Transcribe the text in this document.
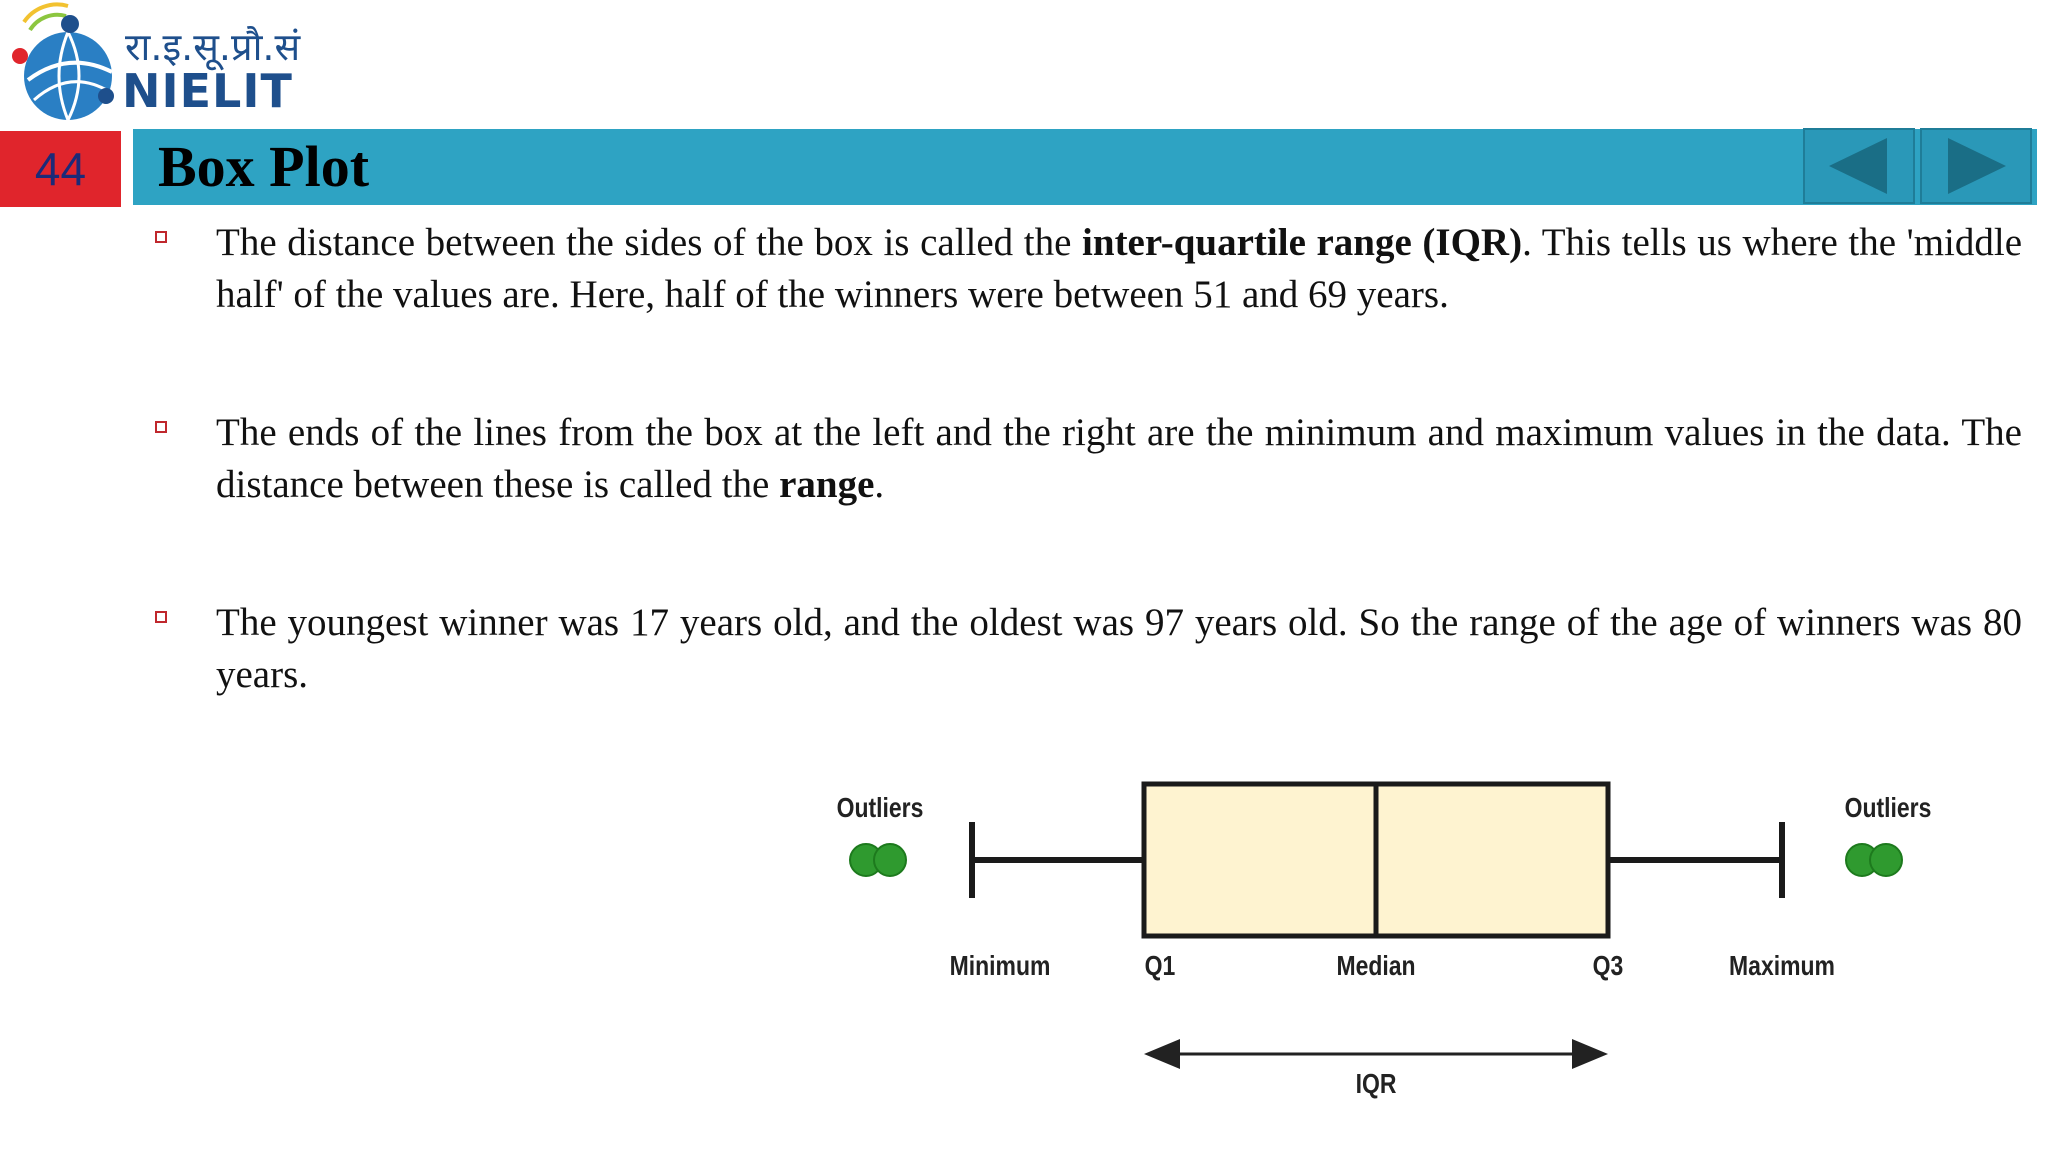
रा.इ.सू.प्रौ.सं
NIELIT
44	Box Plot
The distance between the sides of the box is called the inter-quartile range (IQR). This tells us where the 'middle half' of the values are. Here, half of the winners were between 51 and 69 years.
The ends of the lines from the box at the left and the right are the minimum and maximum values in the data. The distance between these is called the range.
The youngest winner was 17 years old, and the oldest was 97 years old. So the range of the age of winners was 80 years.
Outliers	Outliers
Minimum	Q1	Median	Q3	Maximum
IQR
